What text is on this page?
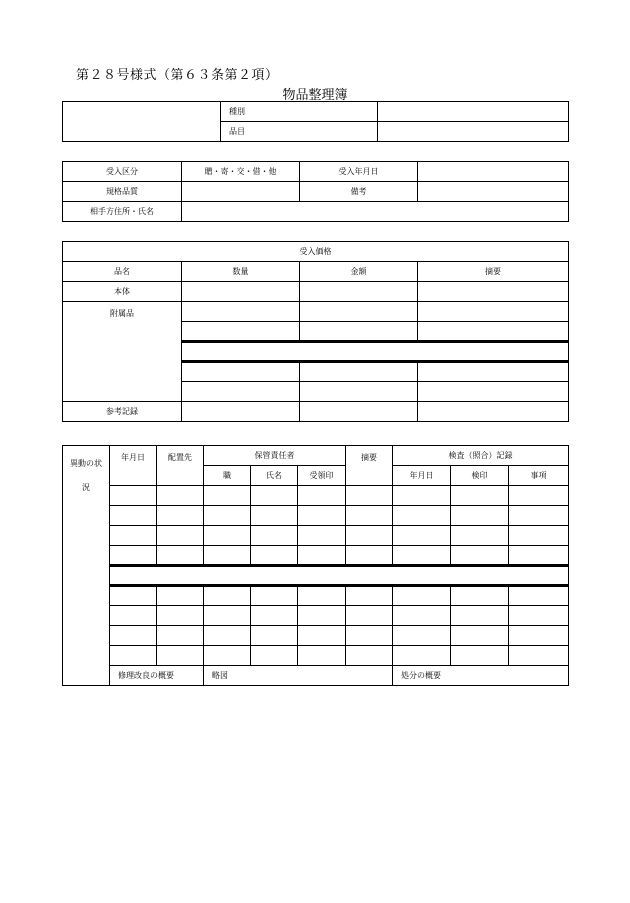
第２８号様式（第６３条第２項）
物品整理簿
	種別	
	品目	
受入区分	贈・寄・交・借・他	受入年月日	
規格品質		備考	
相手方住所・氏名			
受入価格			
品名	数量	金額	摘要
本体			
附属品			

参考記録			
異動の状
況	年月日	配置先	保管責任者			摘要	検査（照合）記録		
			職	氏名	受領印		年月日	検印	事項

	修理改良の概要		略図				処分の概要		
